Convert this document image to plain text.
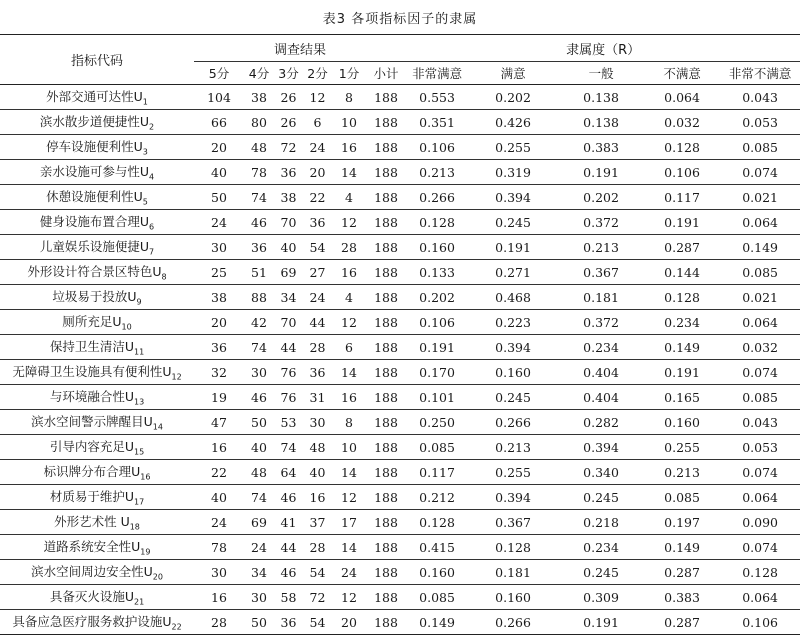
表3 各项指标因子的隶属
指标代码	调查结果						隶属度（R）				
	5分	4分	3分	2分	1分	小计	非常满意	满意	一般	不满意	非常不满意
外部交通可达性$U_1$	104	38	26	12	8	188	0.553	0.202	0.138	0.064	0.043
滨水散步道便捷性$U_2$	66	80	26	6	10	188	0.351	0.426	0.138	0.032	0.053
停车设施便利性$U_3$	20	48	72	24	16	188	0.106	0.255	0.383	0.128	0.085
亲水设施可参与性$U_4$	40	78	36	20	14	188	0.213	0.319	0.191	0.106	0.074
休憩设施便利性$U_5$	50	74	38	22	4	188	0.266	0.394	0.202	0.117	0.021
健身设施布置合理$U_6$	24	46	70	36	12	188	0.128	0.245	0.372	0.191	0.064
儿童娱乐设施便捷$U_7$	30	36	40	54	28	188	0.160	0.191	0.213	0.287	0.149
外形设计符合景区特色$U_8$	25	51	69	27	16	188	0.133	0.271	0.367	0.144	0.085
垃圾易于投放$U_9$	38	88	34	24	4	188	0.202	0.468	0.181	0.128	0.021
厕所充足$U_{10}$	20	42	70	44	12	188	0.106	0.223	0.372	0.234	0.064
保持卫生清洁$U_{11}$	36	74	44	28	6	188	0.191	0.394	0.234	0.149	0.032
无障碍卫生设施具有便利性$U_{12}$	32	30	76	36	14	188	0.170	0.160	0.404	0.191	0.074
与环境融合性$U_{13}$	19	46	76	31	16	188	0.101	0.245	0.404	0.165	0.085
滨水空间警示牌醒目$U_{14}$	47	50	53	30	8	188	0.250	0.266	0.282	0.160	0.043
引导内容充足$U_{15}$	16	40	74	48	10	188	0.085	0.213	0.394	0.255	0.053
标识牌分布合理$U_{16}$	22	48	64	40	14	188	0.117	0.255	0.340	0.213	0.074
材质易于维护$U_{17}$	40	74	46	16	12	188	0.212	0.394	0.245	0.085	0.064
外形艺术性 $U_{18}$	24	69	41	37	17	188	0.128	0.367	0.218	0.197	0.090
道路系统安全性$U_{19}$	78	24	44	28	14	188	0.415	0.128	0.234	0.149	0.074
滨水空间周边安全性$U_{20}$	30	34	46	54	24	188	0.160	0.181	0.245	0.287	0.128
具备灭火设施$U_{21}$	16	30	58	72	12	188	0.085	0.160	0.309	0.383	0.064
具备应急医疗服务救护设施$U_{22}$	28	50	36	54	20	188	0.149	0.266	0.191	0.287	0.106
